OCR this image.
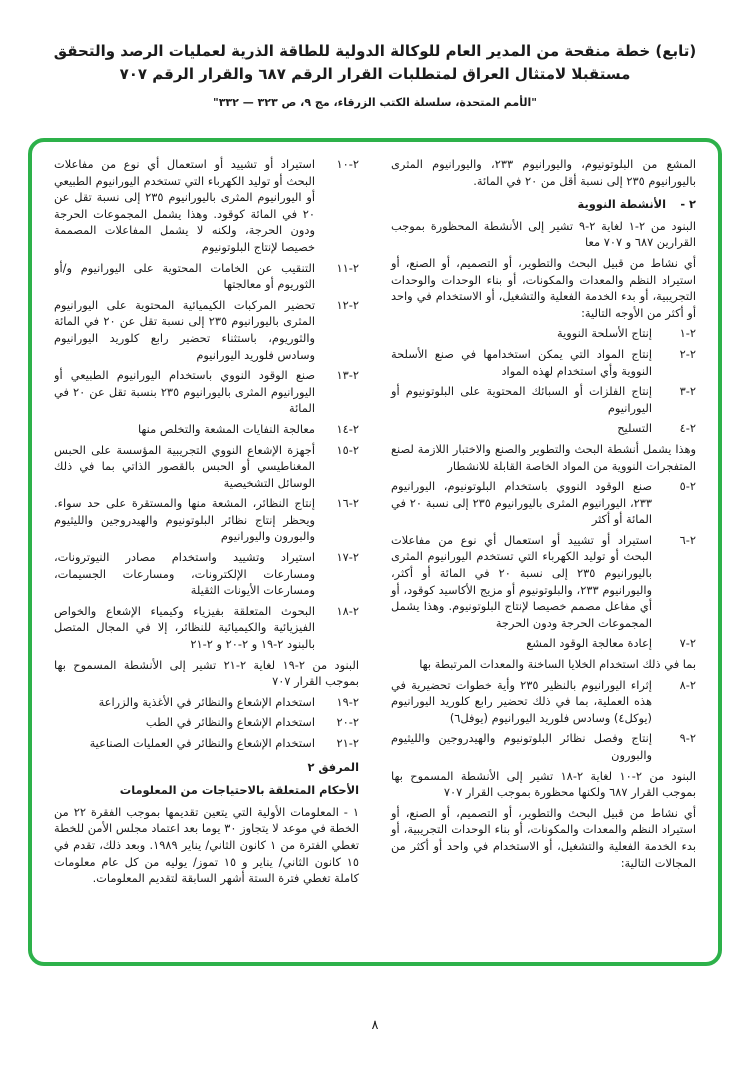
(تابع) خطة منقحة من المدير العام للوكالة الدولية للطاقة الذرية لعمليات الرصد والتحقق
مستقبلا لامتثال العراق لمتطلبات القرار الرقم ٦٨٧ والقرار الرقم ٧٠٧
"الأمم المتحدة، سلسلة الكتب الزرقاء، مج ٩، ص ٣٢٣ — ٣٣٢"
المشع من البلوتونيوم، واليورانيوم ٢٣٣، واليورانيوم المثرى باليورانيوم ٢٣٥ إلى نسبة أقل من ٢٠ في المائة.
٢ -
الأنشطة النووية
البنود من ٢-١ لغاية ٢-٩ تشير إلى الأنشطة المحظورة بموجب القرارين ٦٨٧ و ٧٠٧ معا
أي نشاط من قبيل البحث والتطوير، أو التصميم، أو الصنع، أو استيراد النظم والمعدات والمكونات، أو بناء الوحدات والوحدات التجريبية، أو بدء الخدمة الفعلية والتشغيل، أو الاستخدام في واحد أو أكثر من الأوجه التالية:
٢-١
إنتاج الأسلحة النووية
٢-٢
إنتاج المواد التي يمكن استخدامها في صنع الأسلحة النووية وأي استخدام لهذه المواد
٢-٣
إنتاج الفلزات أو السبائك المحتوية على البلوتونيوم أو اليورانيوم
٢-٤
التسليح
وهذا يشمل أنشطة البحث والتطوير والصنع والاختبار اللازمة لصنع المتفجرات النووية من المواد الخاصة القابلة للانشطار
٢-٥
صنع الوقود النووي باستخدام البلوتونيوم، اليورانيوم ٢٣٣، اليورانيوم المثرى باليورانيوم ٢٣٥ إلى نسبة ٢٠ في المائة أو أكثر
٢-٦
استيراد أو تشييد أو استعمال أي نوع من مفاعلات البحث أو توليد الكهرباء التي تستخدم اليورانيوم المثرى باليورانيوم ٢٣٥ إلى نسبة ٢٠ في المائة أو أكثر، واليورانيوم ٢٣٣، والبلوتونيوم أو مزيج الأكاسيد كوقود، أو أي مفاعل مصمم خصيصا لإنتاج البلوتونيوم. وهذا يشمل المجموعات الحرجة ودون الحرجة
٢-٧
إعادة معالجة الوقود المشع
بما في ذلك استخدام الخلايا الساخنة والمعدات المرتبطة بها
٢-٨
إثراء اليورانيوم بالنظير ٢٣٥ وأية خطوات تحضيرية في هذه العملية، بما في ذلك تحضير رابع كلوريد اليورانيوم (يوكل٤) وسادس فلوريد اليورانيوم (يوفل٦)
٢-٩
إنتاج وفصل نظائر البلوتونيوم والهيدروجين والليثيوم والبورون
البنود من ٢-١٠ لغاية ٢-١٨ تشير إلى الأنشطة المسموح بها بموجب القرار ٦٨٧ ولكنها محظورة بموجب القرار ٧٠٧
أي نشاط من قبيل البحث والتطوير، أو التصميم، أو الصنع، أو استيراد النظم والمعدات والمكونات، أو بناء الوحدات التجريبية، أو بدء الخدمة الفعلية والتشغيل، أو الاستخدام في واحد أو أكثر من المجالات التالية:
٢-١٠
استيراد أو تشييد أو استعمال أي نوع من مفاعلات البحث أو توليد الكهرباء التي تستخدم اليورانيوم الطبيعي أو اليورانيوم المثرى باليورانيوم ٢٣٥ إلى نسبة تقل عن ٢٠ في المائة كوقود. وهذا يشمل المجموعات الحرجة ودون الحرجة، ولكنه لا يشمل المفاعلات المصممة خصيصا لإنتاج البلوتونيوم
٢-١١
التنقيب عن الخامات المحتوية على اليورانيوم و/أو الثوريوم أو معالجتها
٢-١٢
تحضير المركبات الكيميائية المحتوية على اليورانيوم المثرى باليورانيوم ٢٣٥ إلى نسبة تقل عن ٢٠ في المائة والثوريوم، باستثناء تحضير رابع كلوريد اليورانيوم وسادس فلوريد اليورانيوم
٢-١٣
صنع الوقود النووي باستخدام اليورانيوم الطبيعي أو اليورانيوم المثرى باليورانيوم ٢٣٥ بنسبة تقل عن ٢٠ في المائة
٢-١٤
معالجة النفايات المشعة والتخلص منها
٢-١٥
أجهزة الإشعاع النووي التجريبية المؤسسة على الحبس المغناطيسي أو الحبس بالقصور الذاتي بما في ذلك الوسائل التشخيصية
٢-١٦
إنتاج النظائر، المشعة منها والمستقرة على حد سواء. ويحظر إنتاج نظائر البلوتونيوم والهيدروجين والليثيوم والبورون واليورانيوم
٢-١٧
استيراد وتشييد واستخدام مصادر النيوترونات، ومسارعات الإلكترونات، ومسارعات الجسيمات، ومسارعات الأيونات الثقيلة
٢-١٨
البحوث المتعلقة بفيزياء وكيمياء الإشعاع والخواص الفيزيائية والكيميائية للنظائر، إلا في المجال المتصل بالبنود ٢-١٩ و ٢-٢٠ و ٢-٢١
البنود من ٢-١٩ لغاية ٢-٢١ تشير إلى الأنشطة المسموح بها بموجب القرار ٧٠٧
٢-١٩
استخدام الإشعاع والنظائر في الأغذية والزراعة
٢-٢٠
استخدام الإشعاع والنظائر في الطب
٢-٢١
استخدام الإشعاع والنظائر في العمليات الصناعية
المرفق ٢
الأحكام المتعلقة بالاحتياجات من المعلومات
١ - المعلومات الأولية التي يتعين تقديمها بموجب الفقرة ٢٢ من الخطة في موعد لا يتجاوز ٣٠ يوما بعد اعتماد مجلس الأمن للخطة تغطي الفترة من ١ كانون الثاني/ يناير ١٩٨٩. وبعد ذلك، تقدم في ١٥ كانون الثاني/ يناير و ١٥ تموز/ يوليه من كل عام معلومات كاملة تغطي فترة الستة أشهر السابقة لتقديم المعلومات.
٨
